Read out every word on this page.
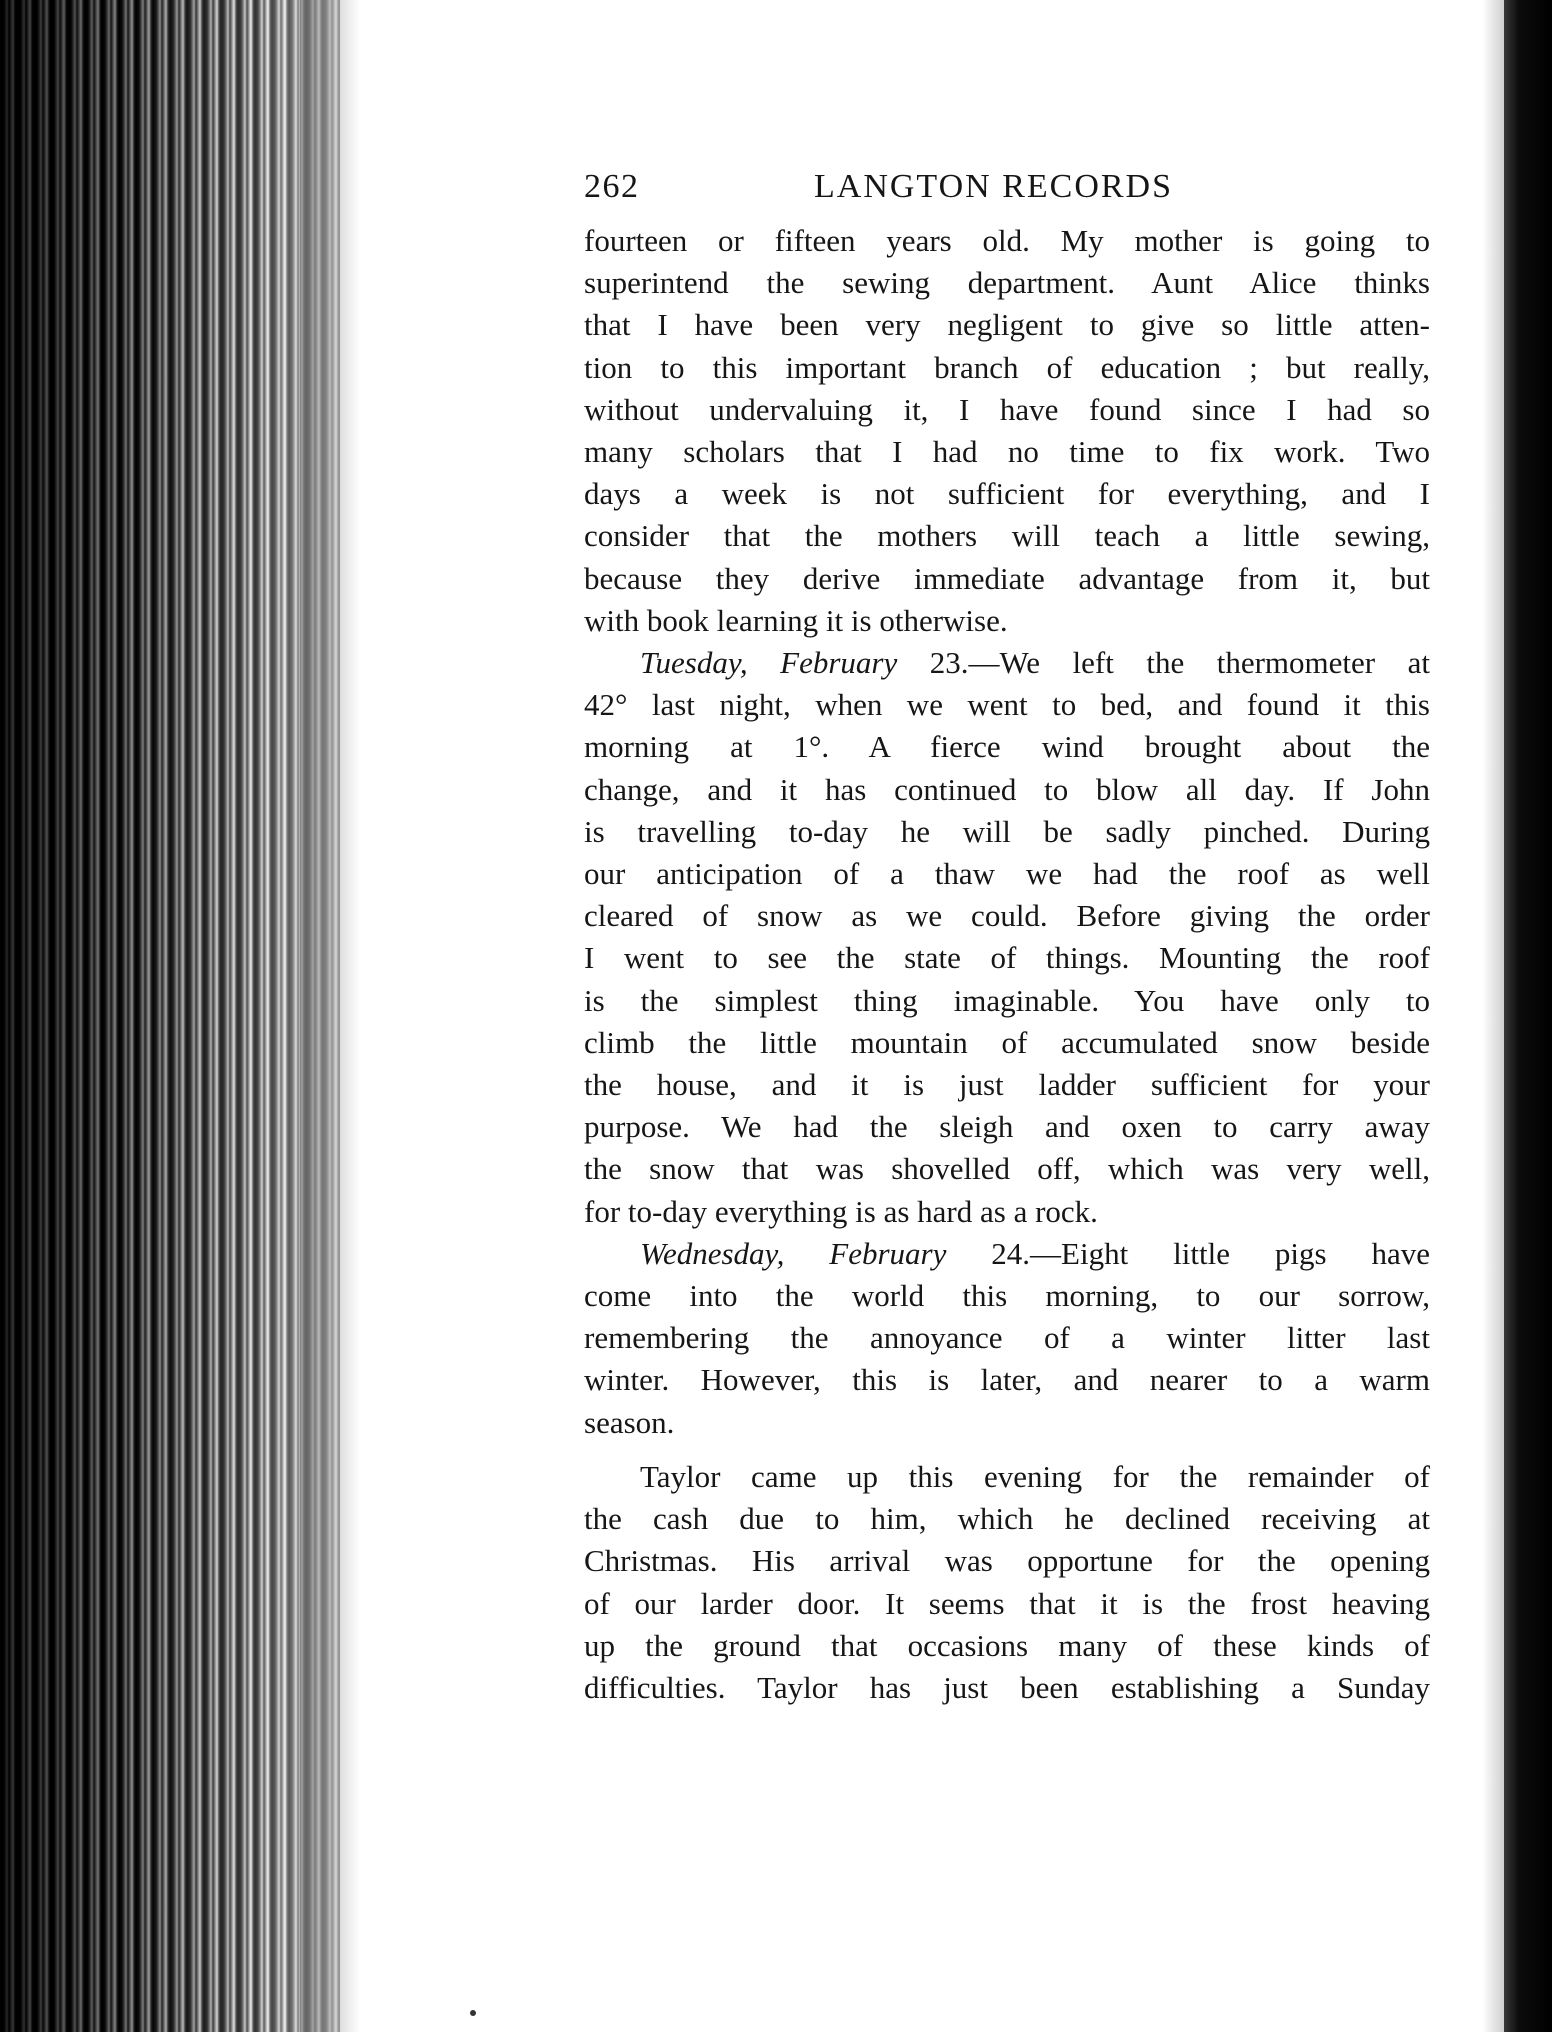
262	LANGTON RECORDS
fourteen or fifteen years old. My mother is going to
superintend the sewing department. Aunt Alice thinks
that I have been very negligent to give so little atten-
tion to this important branch of education ; but really,
without undervaluing it, I have found since I had so
many scholars that I had no time to fix work. Two
days a week is not sufficient for everything, and I
consider that the mothers will teach a little sewing,
because they derive immediate advantage from it, but
with book learning it is otherwise.
Tuesday, February 23.—We left the thermometer at
42° last night, when we went to bed, and found it this
morning at 1°. A fierce wind brought about the
change, and it has continued to blow all day. If John
is travelling to-day he will be sadly pinched. During
our anticipation of a thaw we had the roof as well
cleared of snow as we could. Before giving the order
I went to see the state of things. Mounting the roof
is the simplest thing imaginable. You have only to
climb the little mountain of accumulated snow beside
the house, and it is just ladder sufficient for your
purpose. We had the sleigh and oxen to carry away
the snow that was shovelled off, which was very well,
for to-day everything is as hard as a rock.
Wednesday, February 24.—Eight little pigs have
come into the world this morning, to our sorrow,
remembering the annoyance of a winter litter last
winter. However, this is later, and nearer to a warm
season.
Taylor came up this evening for the remainder of
the cash due to him, which he declined receiving at
Christmas. His arrival was opportune for the opening
of our larder door. It seems that it is the frost heaving
up the ground that occasions many of these kinds of
difficulties. Taylor has just been establishing a Sunday
